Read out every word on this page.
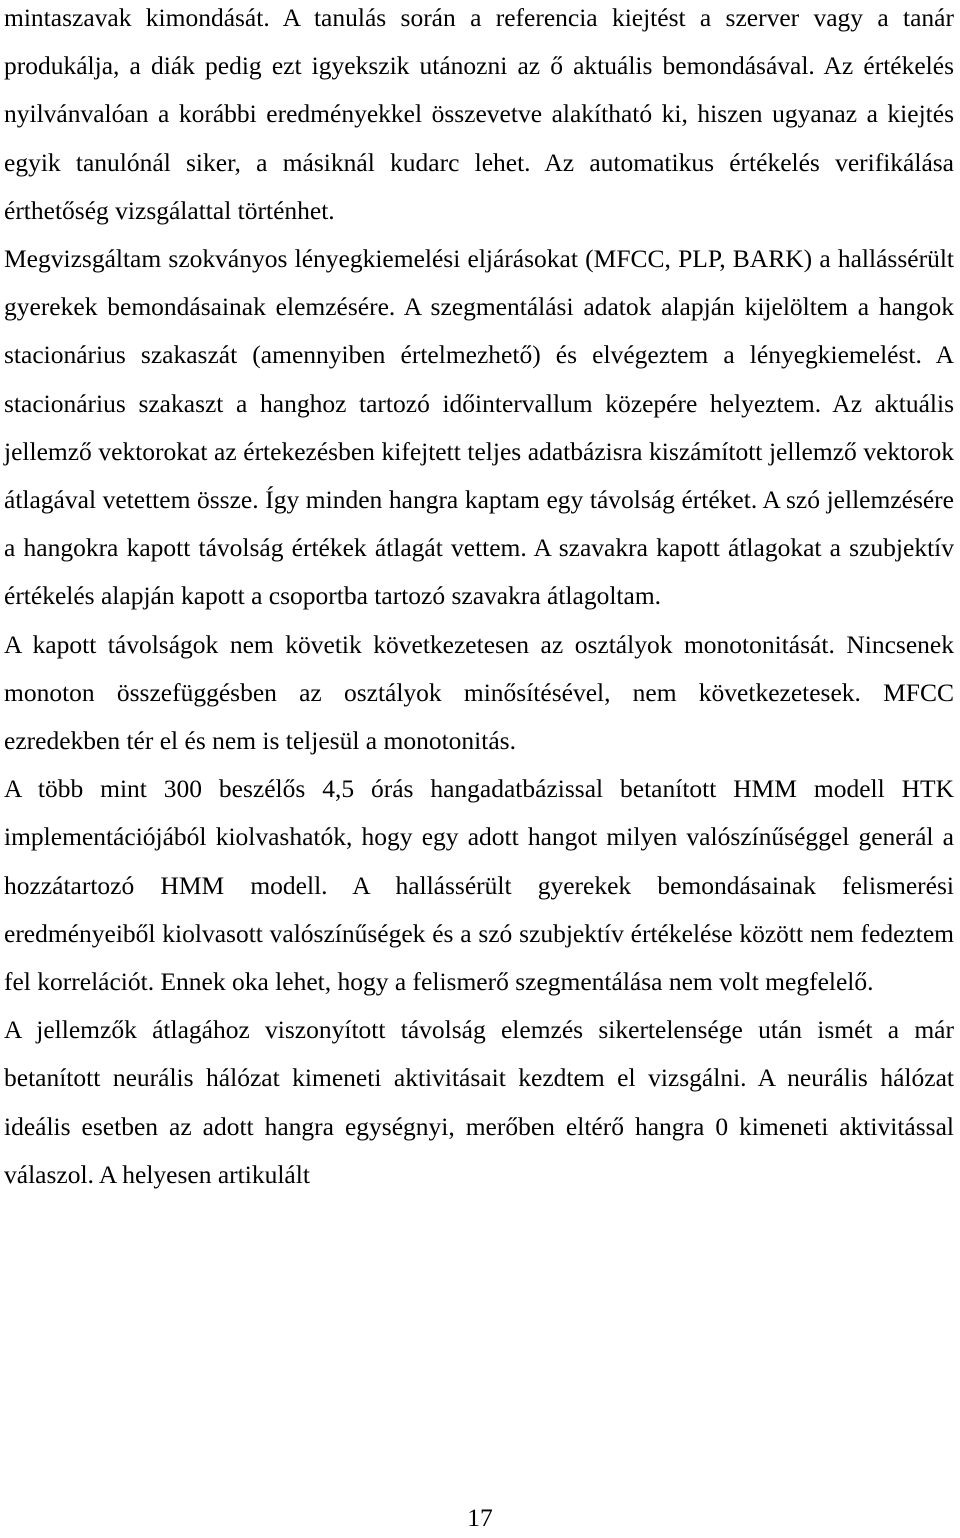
mintaszavak kimondását. A tanulás során a referencia kiejtést a szerver vagy a tanár produkálja, a diák pedig ezt igyekszik utánozni az ő aktuális bemondásával. Az értékelés nyilvánvalóan a korábbi eredményekkel összevetve alakítható ki, hiszen ugyanaz a kiejtés egyik tanulónál siker, a másiknál kudarc lehet. Az automatikus értékelés verifikálása érthetőség vizsgálattal történhet.

Megvizsgáltam szokványos lényegkiemelési eljárásokat (MFCC, PLP, BARK) a hallássérült gyerekek bemondásainak elemzésére. A szegmentálási adatok alapján kijelöltem a hangok stacionárius szakaszát (amennyiben értelmezhető) és elvégeztem a lényegkiemelést. A stacionárius szakaszt a hanghoz tartozó időintervallum közepére helyeztem. Az aktuális jellemző vektorokat az értekezésben kifejtett teljes adatbázisra kiszámított jellemző vektorok átlagával vetettem össze. Így minden hangra kaptam egy távolság értéket. A szó jellemzésére a hangokra kapott távolság értékek átlagát vettem. A szavakra kapott átlagokat a szubjektív értékelés alapján kapott a csoportba tartozó szavakra átlagoltam.

A kapott távolságok nem követik következetesen az osztályok monotonitását. Nincsenek monoton összefüggésben az osztályok minősítésével, nem következetesek. MFCC ezredekben tér el és nem is teljesül a monotonitás.

A több mint 300 beszélős 4,5 órás hangadatbázissal betanított HMM modell HTK implementációjából kiolvashatók, hogy egy adott hangot milyen valószínűséggel generál a hozzátartozó HMM modell. A hallássérült gyerekek bemondásainak felismerési eredményeiből kiolvasott valószínűségek és a szó szubjektív értékelése között nem fedeztem fel korrelációt. Ennek oka lehet, hogy a felismerő szegmentálása nem volt megfelelő.

A jellemzők átlagához viszonyított távolság elemzés sikertelensége után ismét a már betanított neurális hálózat kimeneti aktivitásait kezdtem el vizsgálni. A neurális hálózat ideális esetben az adott hangra egységnyi, merőben eltérő hangra 0 kimeneti aktivitással válaszol. A helyesen artikulált

17
